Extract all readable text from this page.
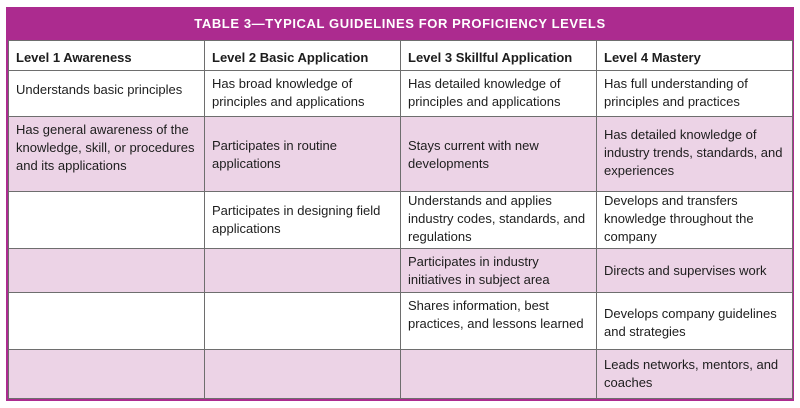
TABLE 3—TYPICAL GUIDELINES FOR PROFICIENCY LEVELS
Level 1 Awareness	Level 2 Basic Application	Level 3 Skillful Application	Level 4 Mastery
Understands basic principles	Has broad knowledge of principles and applications	Has detailed knowledge of principles and applications	Has full understanding of principles and practices
Has general awareness of the knowledge, skill, or procedures and its applications	Participates in routine applications	Stays current with new developments	Has detailed knowledge of industry trends, standards, and experiences
	Participates in designing field applications	Understands and applies industry codes, standards, and regulations	Develops and transfers knowledge throughout the company
		Participates in industry initiatives in subject area	Directs and supervises work
		Shares information, best practices, and lessons learned	Develops company guidelines and strategies
			Leads networks, mentors, and coaches
